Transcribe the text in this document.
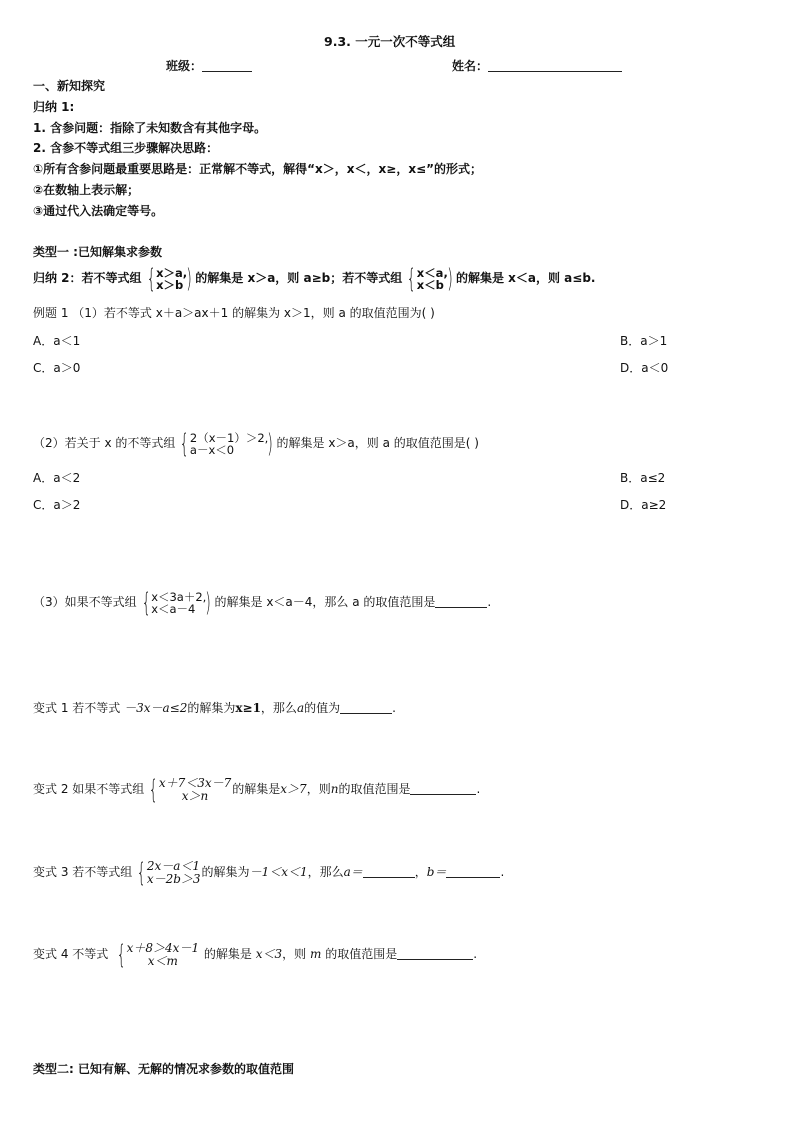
9.3. 一元一次不等式组
班级：	姓名：
一、新知探究
归纳 1:
1. 含参问题：指除了未知数含有其他字母。
2. 含参不等式组三步骤解决思路：
①所有含参问题最重要思路是：正常解不等式，解得“x＞，x＜，x≥，x≤”的形式；
②在数轴上表示解；
③通过代入法确定等号。
类型一 :已知解集求参数
归纳 2：若不等式组 { x＞a,
x＞b ) 的解集是 x＞a，则 a≥b；若不等式组 { x＜a,
x＜b ) 的解集是 x＜a，则 a≤b.
例题 1 （1）若不等式 x＋a＞ax＋1 的解集为 x＞1，则 a 的取值范围为( )
A．a＜1	B．a＞1
C．a＞0	D．a＜0
（2）若关于 x 的不等式组 { 2（x－1）＞2,
a－x＜0	) 的解集是 x＞a，则 a 的取值范围是( )
A．a＜2	B．a≤2
C．a＞2	D．a≥2
（3）如果不等式组 { x＜3a＋2,
x＜a－4 ) 的解集是 x＜a－4，那么 a 的取值范围是	.
变式 1 若不等式 －3x－a≤2的解集为x≥1，那么a的值为	.
变式 2 如果不等式组 { x＋7＜3x－7
x＞n 的解集是x＞7，则n的取值范围是	.
变式 3 若不等式组 { 2x－a＜1
x－2b＞3 的解集为－1＜x＜1，那么a＝	，b＝	.
变式 4 不等式 { x＋8＞4x－1
x＜m 的解集是 x＜3，则 m 的取值范围是	.
类型二: 已知有解、无解的情况求参数的取值范围
